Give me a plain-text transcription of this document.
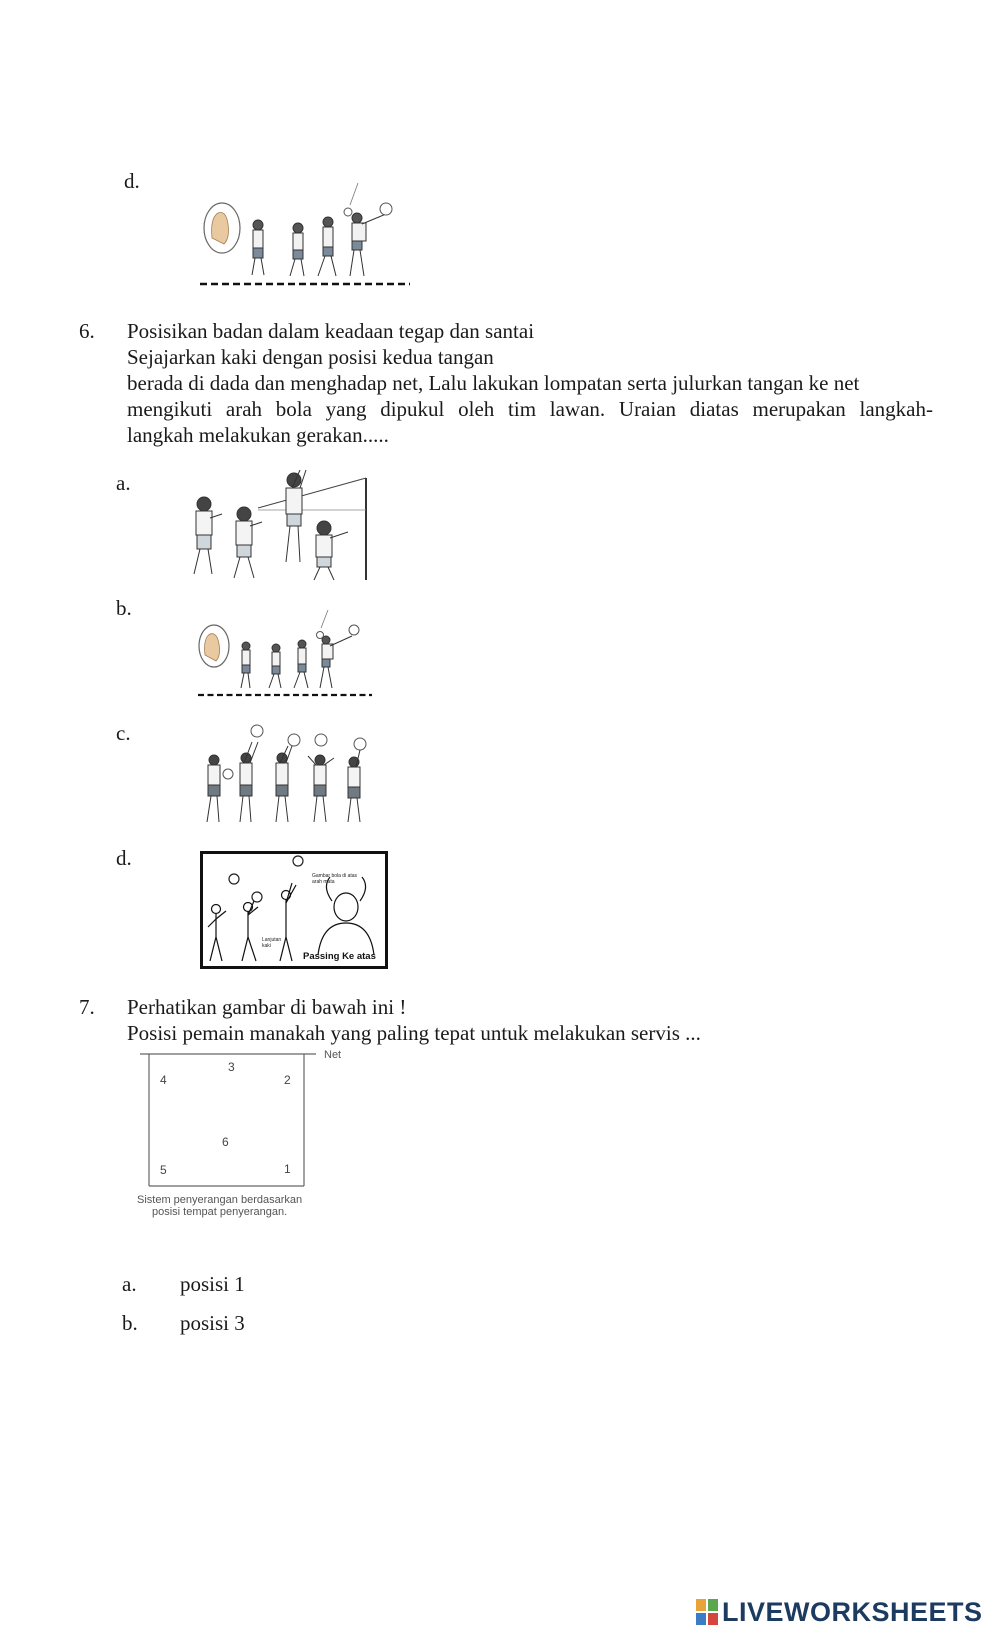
d.
6. Posisikan badan dalam keadaan tegap dan santai
Sejajarkan kaki dengan posisi kedua tangan
berada di dada dan menghadap net, Lalu lakukan lompatan serta julurkan tangan ke net
mengikuti arah bola yang dipukul oleh tim lawan. Uraian diatas merupakan langkah-
langkah melakukan gerakan.....
a.
b.
c.
d.
Gambar bola di atas
arah mata
Lanjutan
kaki
Passing Ke atas
7. Perhatikan gambar di bawah ini !
Posisi pemain manakah yang paling tepat untuk melakukan servis ...
Net
4
3
2
6
5	1
Sistem penyerangan berdasarkan
posisi tempat penyerangan.
a. posisi 1
b. posisi 3
LIVEWORKSHEETS
